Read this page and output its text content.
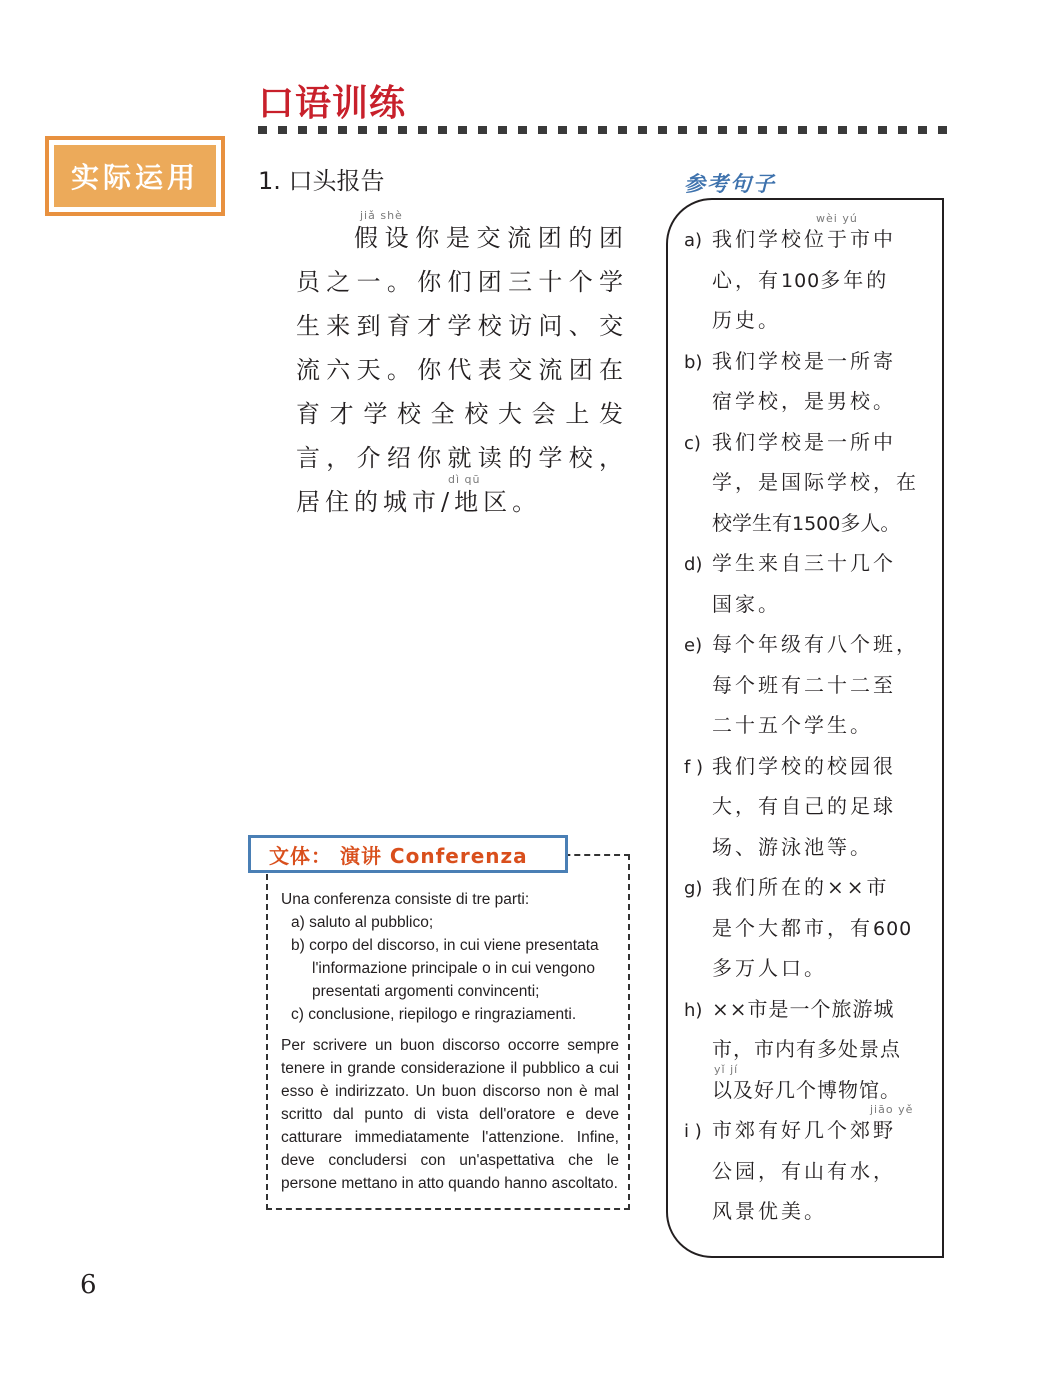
口语训练
实际运用	1. 口头报告
jiǎ shè
假设你是交流团的团
员之一。你们团三十个学
生来到育才学校访问、交
流六天。你代表交流团在
育才学校全校大会上发
言，介绍你就读的学校，
dì qū
居住的城市/地区。
文体： 演讲 Conferenza
Una conferenza consiste di tre parti:
a) saluto al pubblico;
b) corpo del discorso, in cui viene presentata
l'informazione principale o in cui vengono
presentati argomenti convincenti;
c) conclusione, riepilogo e ringraziamenti.
Per scrivere un buon discorso occorre sempre tenere in grande considerazione il pubblico a cui esso è indirizzato. Un buon discorso non è mal scritto dal punto di vista dell'oratore e deve catturare immediatamente l'attenzione. Infine, deve concludersi con un'aspettativa che le persone mettano in atto quando hanno ascoltato.
参考句子
wèi yú
a) 我们学校位于市中
心，有100多年的
历史。
b) 我们学校是一所寄
宿学校，是男校。
c) 我们学校是一所中
学，是国际学校，在
校学生有1500多人。
d) 学生来自三十几个
国家。
e) 每个年级有八个班，
每个班有二十二至
二十五个学生。
f ) 我们学校的校园很
大，有自己的足球
场、游泳池等。
g) 我们所在的××市
是个大都市，有600
多万人口。
h) ××市是一个旅游城
市，市内有多处景点
yǐ jí
以及好几个博物馆。
jiāo yě
i ) 市郊有好几个郊野
公园，有山有水，
风景优美。
6
